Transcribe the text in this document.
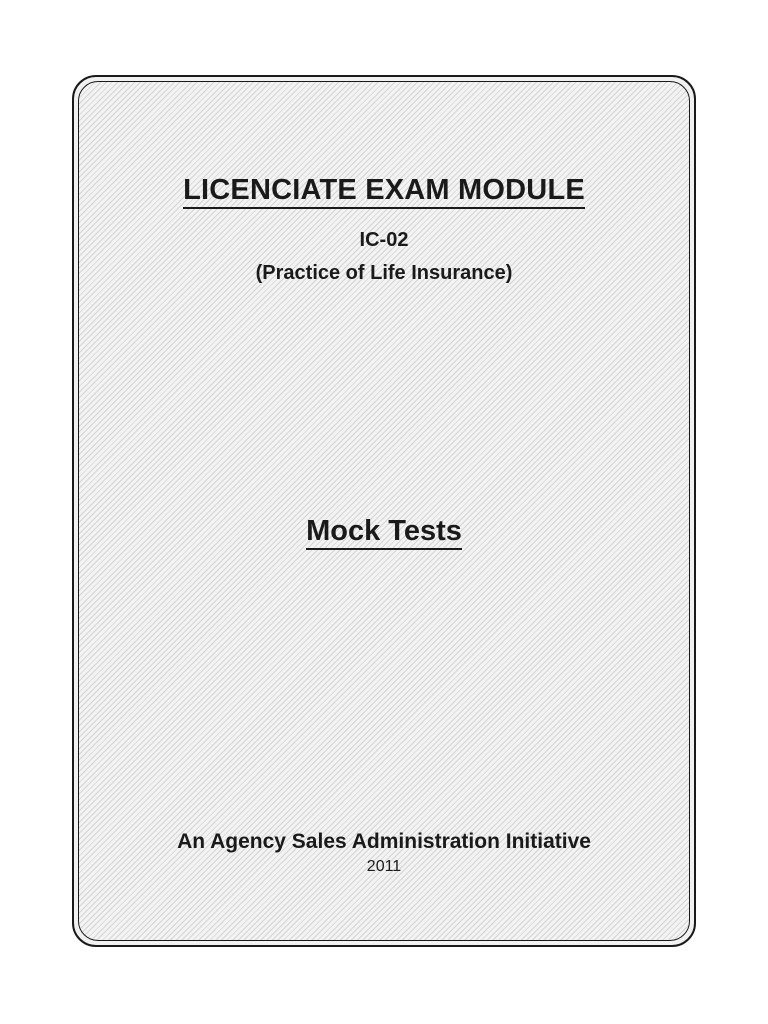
LICENCIATE EXAM MODULE

IC-02

(Practice of Life Insurance)

Mock Tests

An Agency Sales Administration Initiative

2011
